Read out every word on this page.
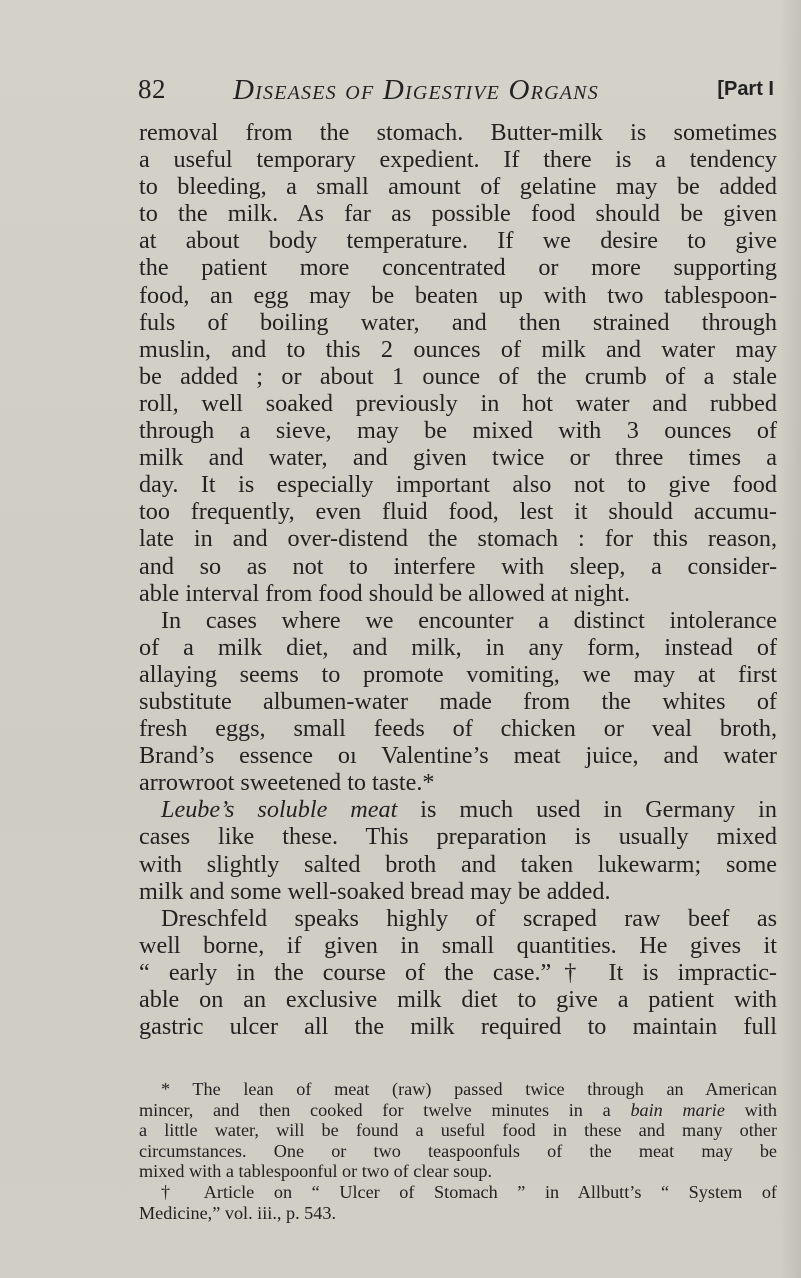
82 Diseases of Digestive Organs	[Part I

removal from the stomach. Butter-milk is sometimes

a useful temporary expedient. If there is a tendency

to bleeding, a small amount of gelatine may be added

to the milk. As far as possible food should be given

at about body temperature. If we desire to give

the patient more concentrated or more supporting

food, an egg may be beaten up with two tablespoon-

fuls of boiling water, and then strained through

muslin, and to this 2 ounces of milk and water may

be added ; or about 1 ounce of the crumb of a stale

roll, well soaked previously in hot water and rubbed

through a sieve, may be mixed with 3 ounces of

milk and water, and given twice or three times a

day. It is especially important also not to give food

too frequently, even fluid food, lest it should accumu-

late in and over-distend the stomach : for this reason,

and so as not to interfere with sleep, a consider-

able interval from food should be allowed at night.

In cases where we encounter a distinct intolerance

of a milk diet, and milk, in any form, instead of

allaying seems to promote vomiting, we may at first

substitute albumen-water made from the whites of

fresh eggs, small feeds of chicken or veal broth,

Brand’s essence oı Valentine’s meat juice, and water

arrowroot sweetened to taste.*

Leube’s soluble meat is much used in Germany in

cases like these. This preparation is usually mixed

with slightly salted broth and taken lukewarm; some

milk and some well-soaked bread may be added.

Dreschfeld speaks highly of scraped raw beef as

well borne, if given in small quantities. He gives it

“ early in the course of the case.”† It is impractic-

able on an exclusive milk diet to give a patient with

gastric ulcer all the milk required to maintain full

* The lean of meat (raw) passed twice through an American

mincer, and then cooked for twelve minutes in a bain marie with

a little water, will be found a useful food in these and many other

circumstances. One or two teaspoonfuls of the meat may be

mixed with a tablespoonful or two of clear soup.

† Article on “ Ulcer of Stomach ” in Allbutt’s “ System of

Medicine,” vol. iii., p. 543.
